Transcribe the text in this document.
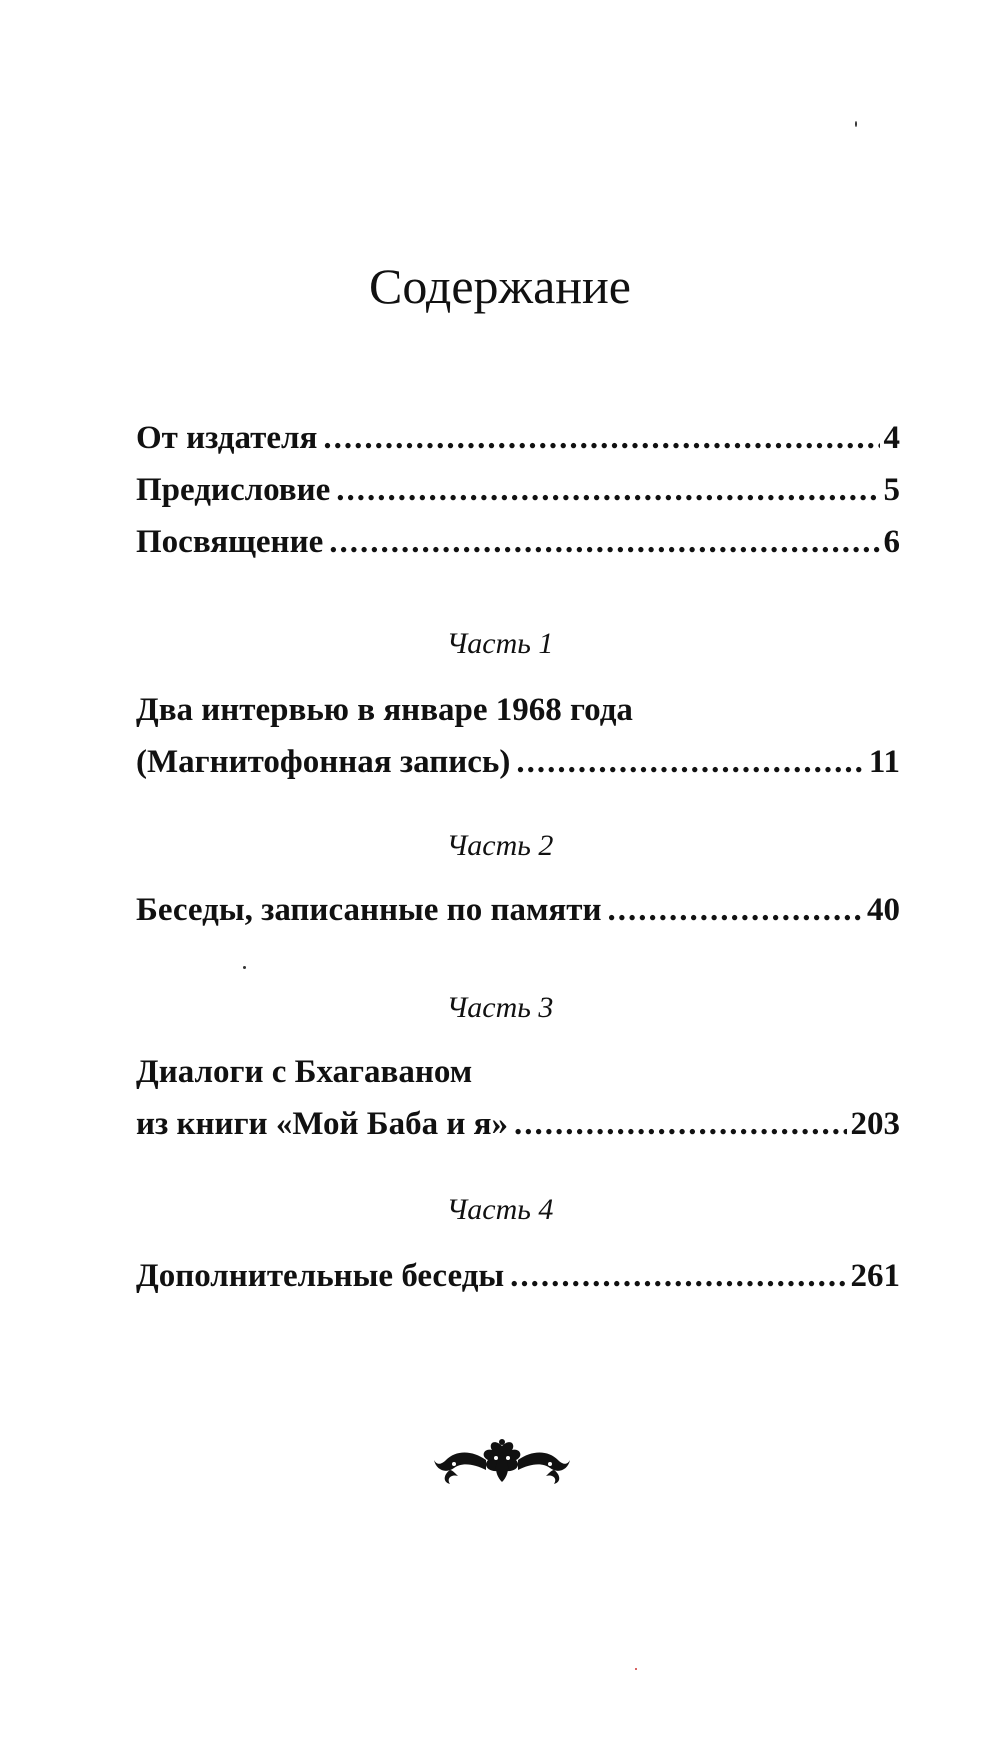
Содержание
От издателя .....	4
Предисловие .....	5
Посвящение .....	6
Часть 1
Два интервью в январе 1968 года
(Магнитофонная запись) .....	11
Часть 2
Беседы, записанные по памяти .....	40
Часть 3
Диалоги с Бхагаваном
из книги «Мой Баба и я» .....	203
Часть 4
Дополнительные беседы .....	261
